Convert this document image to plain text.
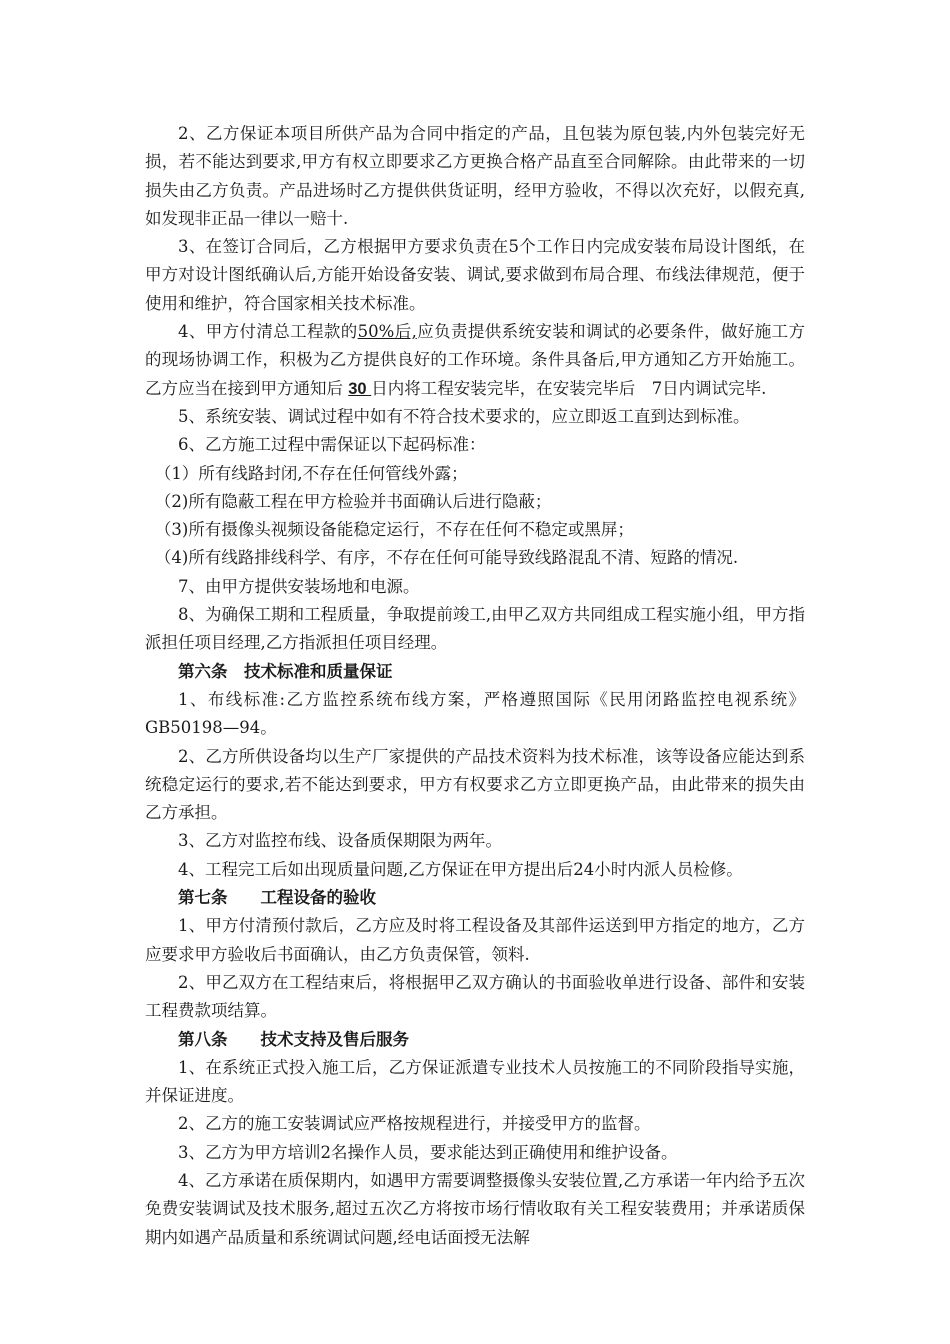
2、乙方保证本项目所供产品为合同中指定的产品，且包装为原包装,内外包装完好无损，若不能达到要求,甲方有权立即要求乙方更换合格产品直至合同解除。由此带来的一切损失由乙方负责。产品进场时乙方提供供货证明，经甲方验收，不得以次充好，以假充真,如发现非正品一律以一赔十.

3、在签订合同后，乙方根据甲方要求负责在5个工作日内完成安装布局设计图纸，在甲方对设计图纸确认后,方能开始设备安装、调试,要求做到布局合理、布线法律规范，便于使用和维护，符合国家相关技术标准。

4、甲方付清总工程款的50%后,应负责提供系统安装和调试的必要条件，做好施工方的现场协调工作，积极为乙方提供良好的工作环境。条件具备后,甲方通知乙方开始施工。乙方应当在接到甲方通知后 30 日内将工程安装完毕，在安装完毕后　7日内调试完毕.

5、系统安装、调试过程中如有不符合技术要求的，应立即返工直到达到标准。

6、乙方施工过程中需保证以下起码标准：

（1）所有线路封闭,不存在任何管线外露；

（2)所有隐蔽工程在甲方检验并书面确认后进行隐蔽；

（3)所有摄像头视频设备能稳定运行，不存在任何不稳定或黑屏；

（4)所有线路排线科学、有序，不存在任何可能导致线路混乱不清、短路的情况.

7、由甲方提供安装场地和电源。

8、为确保工期和工程质量，争取提前竣工,由甲乙双方共同组成工程实施小组，甲方指派担任项目经理,乙方指派担任项目经理。

第六条　技术标准和质量保证

1、布线标准:乙方监控系统布线方案，严格遵照国际《民用闭路监控电视系统》GB50198—94。

2、乙方所供设备均以生产厂家提供的产品技术资料为技术标准，该等设备应能达到系统稳定运行的要求,若不能达到要求，甲方有权要求乙方立即更换产品，由此带来的损失由乙方承担。

3、乙方对监控布线、设备质保期限为两年。

4、工程完工后如出现质量问题,乙方保证在甲方提出后24小时内派人员检修。

第七条　　工程设备的验收

1、甲方付清预付款后，乙方应及时将工程设备及其部件运送到甲方指定的地方，乙方应要求甲方验收后书面确认，由乙方负责保管，领料.

2、甲乙双方在工程结束后，将根据甲乙双方确认的书面验收单进行设备、部件和安装工程费款项结算。

第八条　　技术支持及售后服务

1、在系统正式投入施工后，乙方保证派遣专业技术人员按施工的不同阶段指导实施，并保证进度。

2、乙方的施工安装调试应严格按规程进行，并接受甲方的监督。

3、乙方为甲方培训2名操作人员，要求能达到正确使用和维护设备。

4、乙方承诺在质保期内，如遇甲方需要调整摄像头安装位置,乙方承诺一年内给予五次免费安装调试及技术服务,超过五次乙方将按市场行情收取有关工程安装费用；并承诺质保期内如遇产品质量和系统调试问题,经电话面授无法解
